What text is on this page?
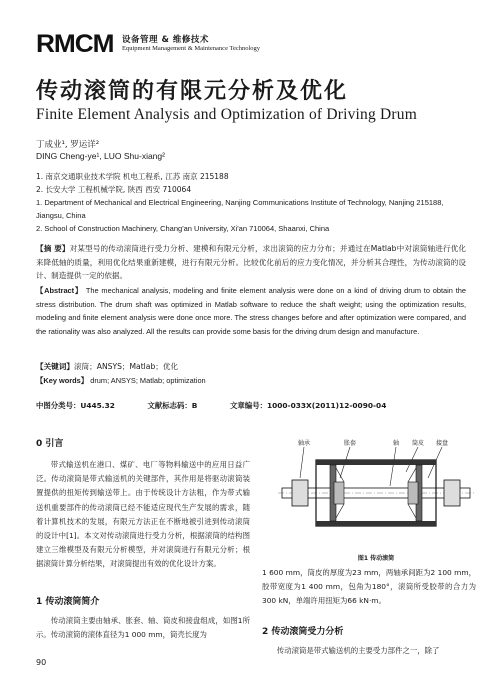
RMCM 设备管理 & 维修技术
Equipment Management & Maintenance Technology
传动滚筒的有限元分析及优化
Finite Element Analysis and Optimization of Driving Drum
丁成业¹, 罗运详²
DING Cheng-ye¹, LUO Shu-xiang²
1. 南京交通职业技术学院 机电工程系, 江苏 南京 215188
2. 长安大学 工程机械学院, 陕西 西安 710064
1. Department of Mechanical and Electrical Engineering, Nanjing Communications Institute of Technology, Nanjing 215188, Jiangsu, China
2. School of Construction Machinery, Chang'an University, Xi'an 710064, Shaanxi, China
【摘 要】对某型号的传动滚筒进行受力分析、建模和有限元分析，求出滚筒的应力分布；并通过在Matlab中对滚筒轴进行优化来降低轴的质量，利用优化结果重新建模，进行有限元分析。比较优化前后的应力变化情况，并分析其合理性，为传动滚筒的设计、制造提供一定的依据。
【Abstract】 The mechanical analysis, modeling and finite element analysis were done on a kind of driving drum to obtain the stress distribution. The drum shaft was optimized in Matlab software to reduce the shaft weight; using the optimization results, modeling and finite element analysis were done once more. The stress changes before and after optimization were compared, and the rationality was also analyzed. All the results can provide some basis for the driving drum design and manufacture.
【关键词】滚筒；ANSYS；Matlab；优化
【Key words】 drum; ANSYS; Matlab; optimization
中图分类号：U445.32	文献标志码：B	文章编号：1000-033X(2011)12-0090-04
0 引言
带式输送机在港口、煤矿、电厂等物料输送中的应用日益广泛。传动滚筒是带式输送机的关键部件，其作用是将驱动滚筒装置提供的扭矩传到输送带上。由于传统设计方法粗，作为带式输送机重要部件的传动滚筒已经不能适应现代生产发展的需求，随着计算机技术的发展，有限元方法正在不断地被引进到传动滚筒的设计中[1]。本文对传动滚筒进行受力分析，根据滚筒的结构图建立三维模型及有限元分析模型，并对滚筒进行有限元分析；根据滚筒计算分析结果，对滚筒提出有效的优化设计方案。
1 传动滚筒简介
传动滚筒主要由轴承、胀套、轴、筒皮和接盘组成，如图1所示。传动滚筒的滚体直径为1 000 mm，筒壳长度为
轴承	胀套	轴 筒皮 接盘
图1 传动滚筒
1 600 mm，筒皮的厚度为23 mm，两轴承间距为2 100 mm，胶带宽度为1 400 mm，包角为180°，滚筒所受胶带的合力为300 kN，单端许用扭矩为66 kN·m。
2 传动滚筒受力分析
传动滚筒是带式输送机的主要受力部件之一，除了
90
